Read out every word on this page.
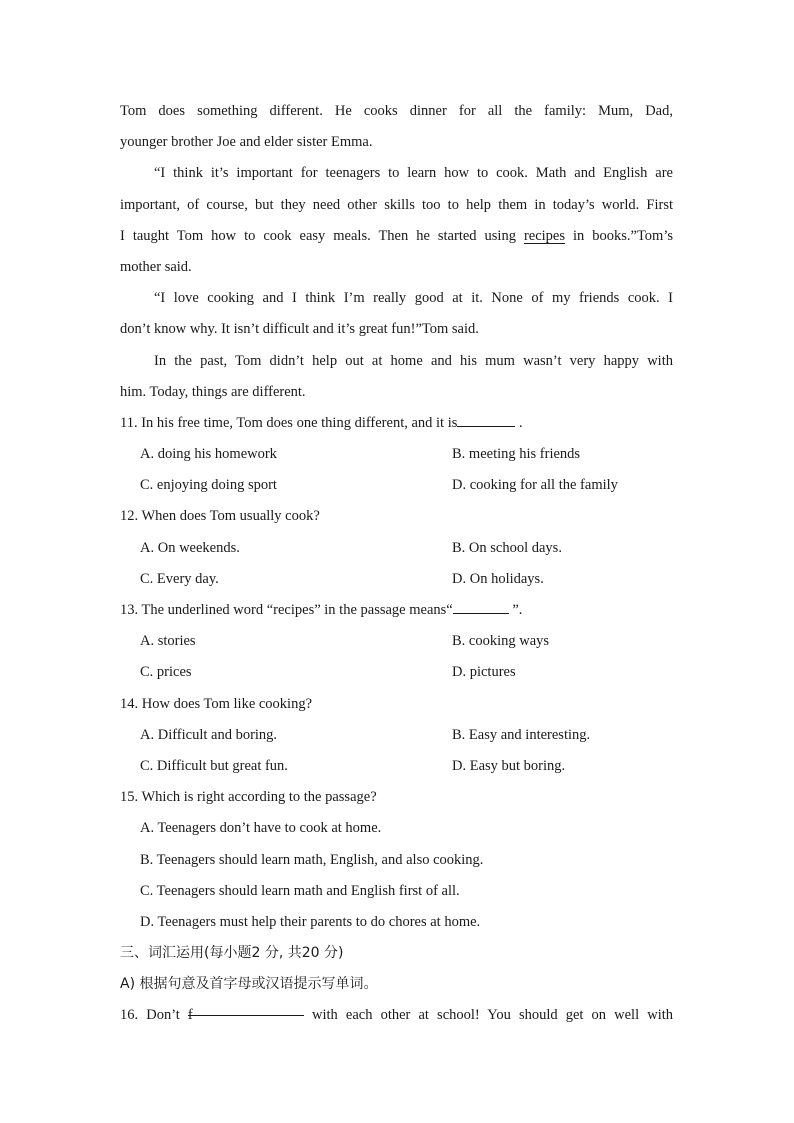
Tom does something different. He cooks dinner for all the family: Mum, Dad,
younger brother Joe and elder sister Emma.
“I think it’s important for teenagers to learn how to cook. Math and English are
important, of course, but they need other skills too to help them in today’s world. First
I taught Tom how to cook easy meals. Then he started using recipes in books.”Tom’s
mother said.
“I love cooking and I think I’m really good at it. None of my friends cook. I
don’t know why. It isn’t difficult and it’s great fun!”Tom said.
In the past, Tom didn’t help out at home and his mum wasn’t very happy with
him. Today, things are different.
11. In his free time, Tom does one thing different, and it is	.
A. doing his homework	B. meeting his friends
C. enjoying doing sport	D. cooking for all the family
12. When does Tom usually cook?
A. On weekends.	B. On school days.
C. Every day.	D. On holidays.
13. The underlined word “recipes” in the passage means“	”.
A. stories	B. cooking ways
C. prices	D. pictures
14. How does Tom like cooking?
A. Difficult and boring.	B. Easy and interesting.
C. Difficult but great fun.	D. Easy but boring.
15. Which is right according to the passage?
A. Teenagers don’t have to cook at home.
B. Teenagers should learn math, English, and also cooking.
C. Teenagers should learn math and English first of all.
D. Teenagers must help their parents to do chores at home.
三、词汇运用(每小题2 分, 共20 分)
A) 根据句意及首字母或汉语提示写单词。
16. Don’t f	with each other at school! You should get on well with
